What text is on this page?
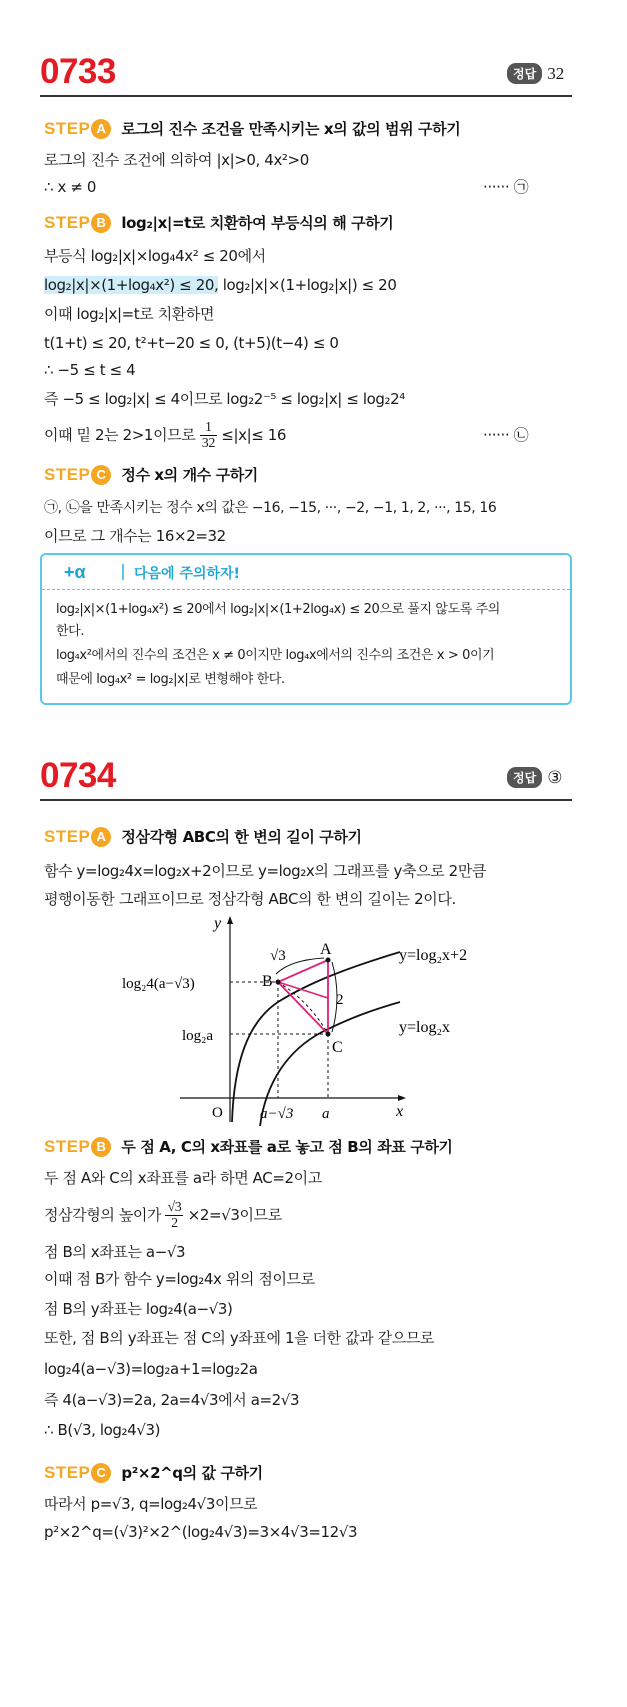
0733	정답 32
STEP A 로그의 진수 조건을 만족시키는 x의 값의 범위 구하기
로그의 진수 조건에 의하여 |x|>0, 4x²>0
∴ x ≠ 0	······ ㉠
STEP B log₂|x|=t로 치환하여 부등식의 해 구하기
부등식 log₂|x|×log₄4x² ≤ 20에서
log₂|x|×(1+log₄x²) ≤ 20, log₂|x|×(1+log₂|x|) ≤ 20
이때 log₂|x|=t로 치환하면
t(1+t) ≤ 20, t²+t−20 ≤ 0, (t+5)(t−4) ≤ 0
∴ −5 ≤ t ≤ 4
즉 −5 ≤ log₂|x| ≤ 4이므로 log₂2⁻⁵ ≤ log₂|x| ≤ log₂2⁴
이때 밑 2는 2>1이므로 $\frac{1}{32} \le|x|\le 16$	······ ㉡
STEP C 정수 x의 개수 구하기
㉠, ㉡을 만족시키는 정수 x의 값은 −16, −15, ···, −2, −1, 1, 2, ···, 15, 16
이므로 그 개수는 16×2=32
+α	다음에 주의하자!
log₂|x|×(1+log₄x²) ≤ 20에서 log₂|x|×(1+2log₄x) ≤ 20으로 풀지 않도록 주의
한다.
log₄x²에서의 진수의 조건은 x ≠ 0이지만 log₄x에서의 진수의 조건은 x > 0이기
때문에 log₄x² = log₂|x|로 변형해야 한다.
0734	정답 ③
STEP A 정삼각형 ABC의 한 변의 길이 구하기
함수 y=log₂4x=log₂x+2이므로 y=log₂x의 그래프를 y축으로 2만큼
평행이동한 그래프이므로 정삼각형 ABC의 한 변의 길이는 2이다.
y
x
O
A
B
C
√3
2
log₂4(a−√3)
log₂a
a−√3 a
y=log₂x+2
y=log₂x
STEP B 두 점 A, C의 x좌표를 a로 놓고 점 B의 좌표 구하기
두 점 A와 C의 x좌표를 a라 하면 AC=2이고
정삼각형의 높이가 $\frac{√3}{2} \times 2=√3$이므로
점 B의 x좌표는 a−√3
이때 점 B가 함수 y=log₂4x 위의 점이므로
점 B의 y좌표는 log₂4(a−√3)
또한, 점 B의 y좌표는 점 C의 y좌표에 1을 더한 값과 같으므로
log₂4(a−√3)=log₂a+1=log₂2a
즉 4(a−√3)=2a, 2a=4√3에서 a=2√3
∴ B(√3, log₂4√3)
STEP C p²×2^q의 값 구하기
따라서 p=√3, q=log₂4√3이므로
p²×2^q=(√3)²×2^(log₂4√3)=3×4√3=12√3
